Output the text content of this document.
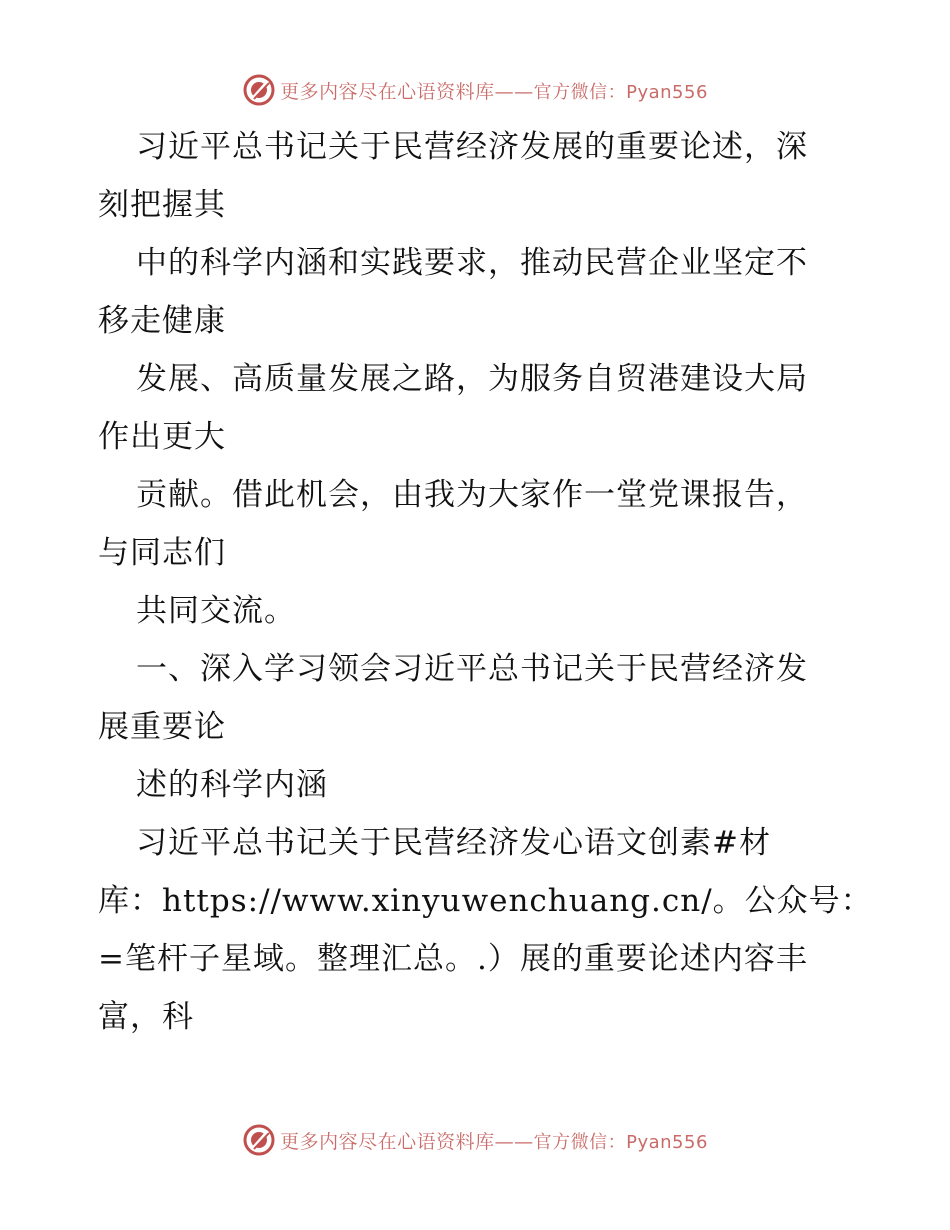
更多内容尽在心语资料库——官方微信：Pyan556
习近平总书记关于民营经济发展的重要论述，深
刻把握其
中的科学内涵和实践要求，推动民营企业坚定不
移走健康
发展、高质量发展之路，为服务自贸港建设大局
作出更大
贡献。借此机会，由我为大家作一堂党课报告，
与同志们
共同交流。
一、深入学习领会习近平总书记关于民营经济发
展重要论
述的科学内涵
习近平总书记关于民营经济发心语文创素#材
库：https://www.xinyuwenchuang.cn/。公众号：
=笔杆子星域。整理汇总。.）展的重要论述内容丰
富，科
更多内容尽在心语资料库——官方微信：Pyan556
